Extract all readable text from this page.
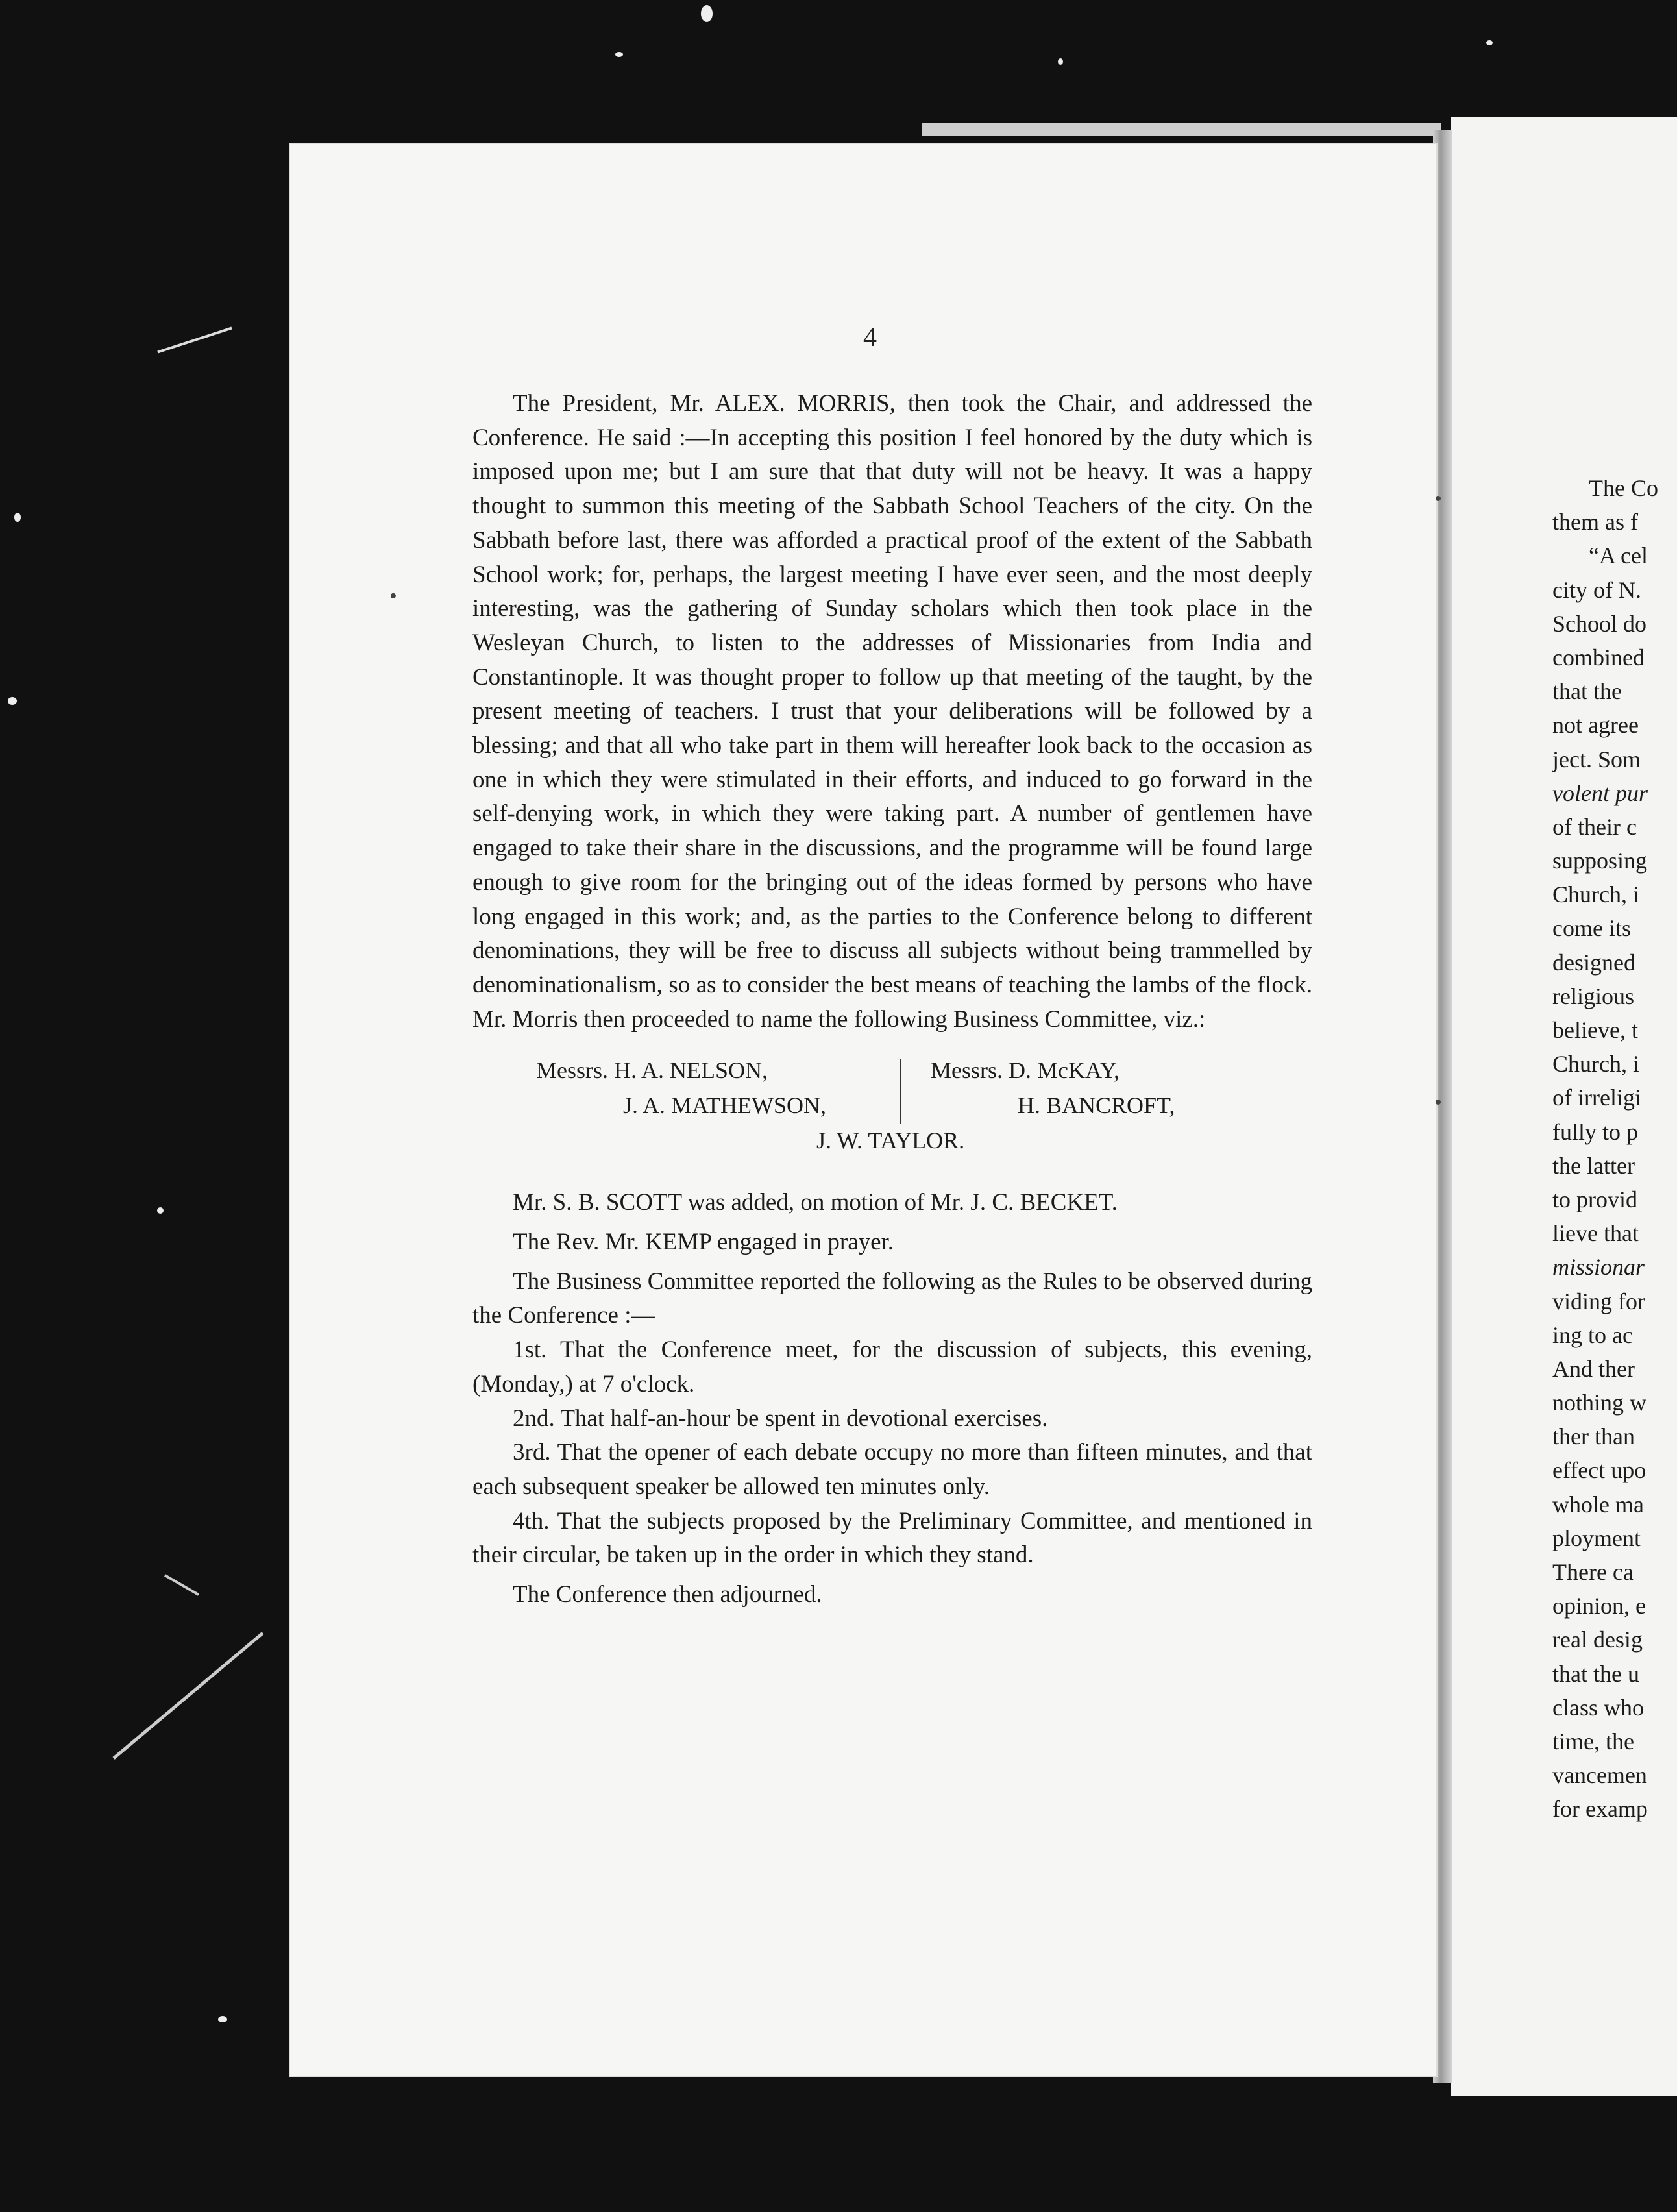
4

The President, Mr. ALEX. MORRIS, then took the Chair, and addressed the Conference. He said :—In accepting this position I feel honored by the duty which is imposed upon me; but I am sure that that duty will not be heavy. It was a happy thought to summon this meeting of the Sabbath School Teachers of the city. On the Sabbath before last, there was afforded a practical proof of the extent of the Sabbath School work; for, perhaps, the largest meeting I have ever seen, and the most deeply interesting, was the gathering of Sunday scholars which then took place in the Wesleyan Church, to listen to the addresses of Missionaries from India and Constantinople. It was thought proper to follow up that meeting of the taught, by the present meeting of teachers. I trust that your deliberations will be followed by a blessing; and that all who take part in them will hereafter look back to the occasion as one in which they were stimulated in their efforts, and induced to go forward in the self-denying work, in which they were taking part. A number of gentlemen have engaged to take their share in the discussions, and the programme will be found large enough to give room for the bringing out of the ideas formed by persons who have long engaged in this work; and, as the parties to the Conference belong to different denominations, they will be free to discuss all subjects without being trammelled by denominationalism, so as to consider the best means of teaching the lambs of the flock. Mr. Morris then proceeded to name the following Business Committee, viz.:

Messrs. H. A. NELSON,
J. A. MATHEWSON,
Messrs. D. McKAY,
H. BANCROFT,
J. W. TAYLOR.

Mr. S. B. SCOTT was added, on motion of Mr. J. C. BECKET.

The Rev. Mr. KEMP engaged in prayer.

The Business Committee reported the following as the Rules to be observed during the Conference :—

1st. That the Conference meet, for the discussion of subjects, this evening, (Monday,) at 7 o'clock.

2nd. That half-an-hour be spent in devotional exercises.

3rd. That the opener of each debate occupy no more than fifteen minutes, and that each subsequent speaker be allowed ten minutes only.

4th. That the subjects proposed by the Preliminary Committee, and mentioned in their circular, be taken up in the order in which they stand.

The Conference then adjourned.

•
•
•
The Co
them as f
“A cel
city of N.
School do
combined
that the
not agree
ject. Som
volent pur
of their c
supposing
Church, i
come its
designed
religious
believe, t
Church, i
of irreligi
fully to p
the latter
to provid
lieve that
missionar
viding for
ing to ac
And ther
nothing w
ther than
effect upo
whole ma
ployment
There ca
opinion, e
real desig
that the u
class who
time, the
vancemen
for examp
